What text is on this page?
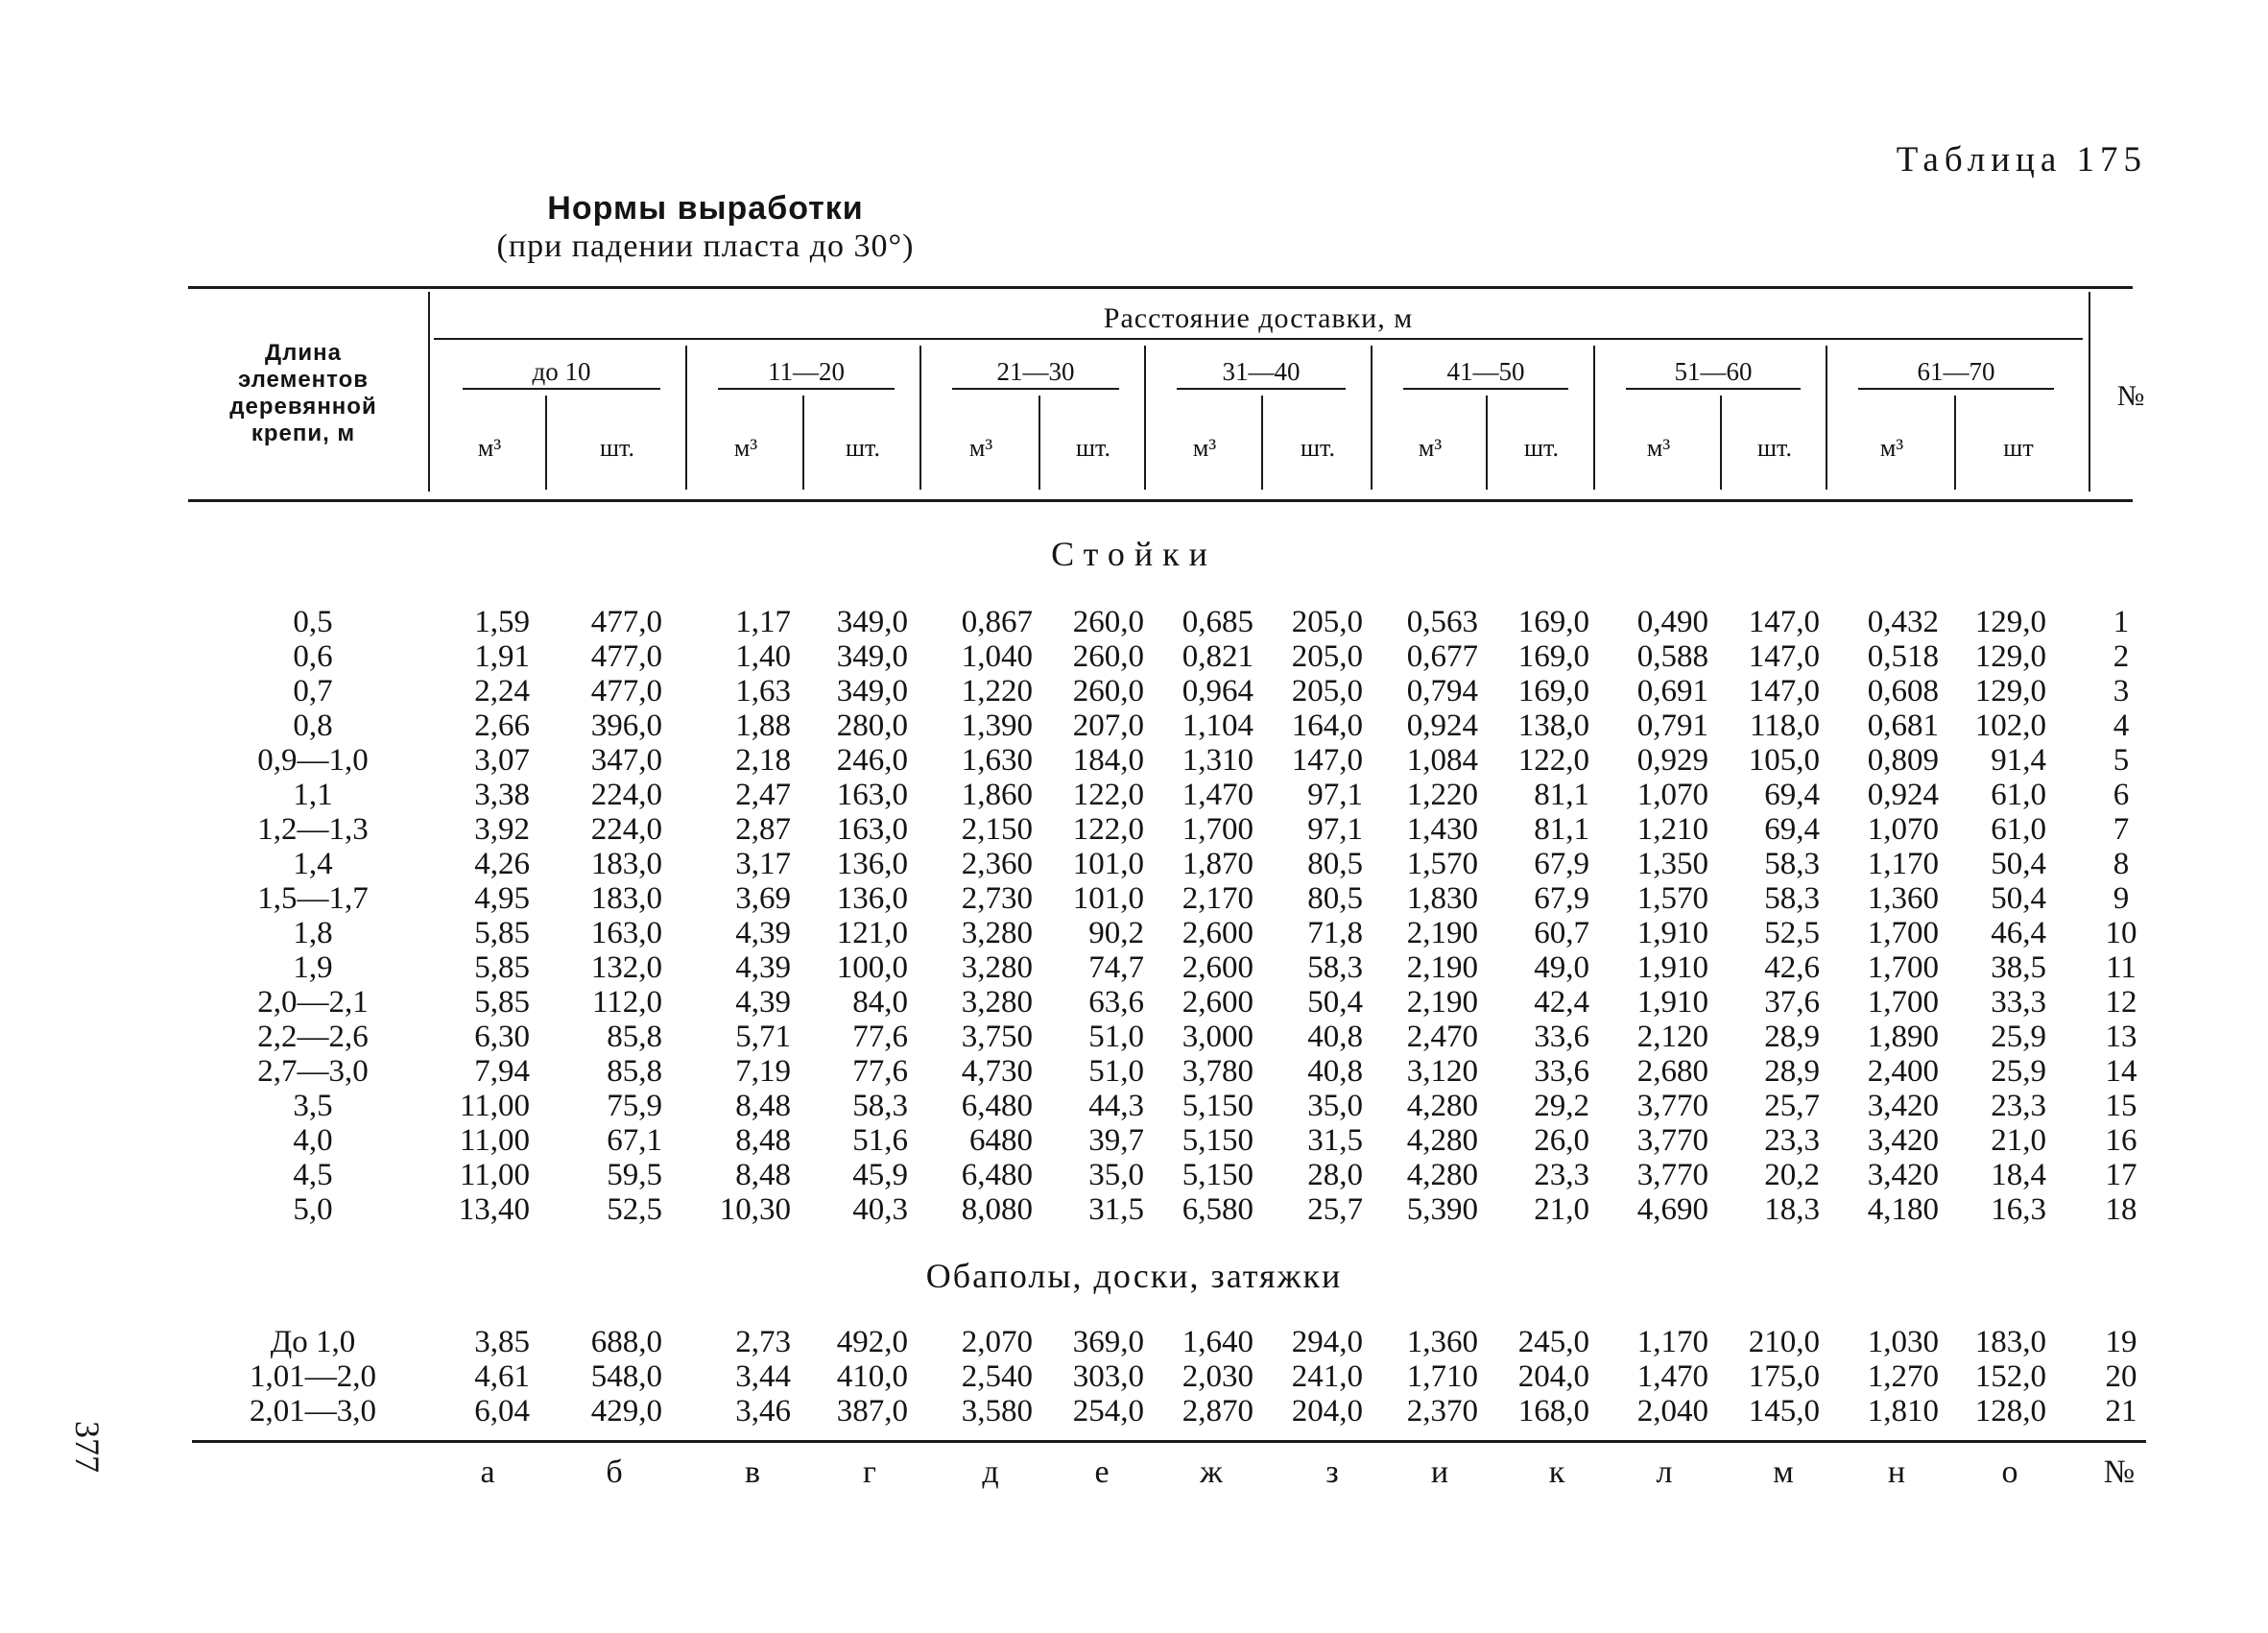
Таблица 175
Нормы выработки
(при падении пласта до 30°)
Длина
элементов
деревянной
крепи, м
Расстояние доставки, м
до 10	11—20	21—30	31—40	41—50	51—60	61—70
м³	шт.	м³	шт.	м³	шт.	м³	шт.	м³	шт.	м³	шт.	м³	шт
№
Стойки
0,5	1,59	477,0	1,17	349,0	0,867	260,0	0,685	205,0	0,563	169,0	0,490	147,0	0,432	129,0	1
0,6	1,91	477,0	1,40	349,0	1,040	260,0	0,821	205,0	0,677	169,0	0,588	147,0	0,518	129,0	2
0,7	2,24	477,0	1,63	349,0	1,220	260,0	0,964	205,0	0,794	169,0	0,691	147,0	0,608	129,0	3
0,8	2,66	396,0	1,88	280,0	1,390	207,0	1,104	164,0	0,924	138,0	0,791	118,0	0,681	102,0	4
0,9—1,0	3,07	347,0	2,18	246,0	1,630	184,0	1,310	147,0	1,084	122,0	0,929	105,0	0,809	91,4	5
1,1	3,38	224,0	2,47	163,0	1,860	122,0	1,470	97,1	1,220	81,1	1,070	69,4	0,924	61,0	6
1,2—1,3	3,92	224,0	2,87	163,0	2,150	122,0	1,700	97,1	1,430	81,1	1,210	69,4	1,070	61,0	7
1,4	4,26	183,0	3,17	136,0	2,360	101,0	1,870	80,5	1,570	67,9	1,350	58,3	1,170	50,4	8
1,5—1,7	4,95	183,0	3,69	136,0	2,730	101,0	2,170	80,5	1,830	67,9	1,570	58,3	1,360	50,4	9
1,8	5,85	163,0	4,39	121,0	3,280	90,2	2,600	71,8	2,190	60,7	1,910	52,5	1,700	46,4	10
1,9	5,85	132,0	4,39	100,0	3,280	74,7	2,600	58,3	2,190	49,0	1,910	42,6	1,700	38,5	11
2,0—2,1	5,85	112,0	4,39	84,0	3,280	63,6	2,600	50,4	2,190	42,4	1,910	37,6	1,700	33,3	12
2,2—2,6	6,30	85,8	5,71	77,6	3,750	51,0	3,000	40,8	2,470	33,6	2,120	28,9	1,890	25,9	13
2,7—3,0	7,94	85,8	7,19	77,6	4,730	51,0	3,780	40,8	3,120	33,6	2,680	28,9	2,400	25,9	14
3,5	11,00	75,9	8,48	58,3	6,480	44,3	5,150	35,0	4,280	29,2	3,770	25,7	3,420	23,3	15
4,0	11,00	67,1	8,48	51,6	6480	39,7	5,150	31,5	4,280	26,0	3,770	23,3	3,420	21,0	16
4,5	11,00	59,5	8,48	45,9	6,480	35,0	5,150	28,0	4,280	23,3	3,770	20,2	3,420	18,4	17
5,0	13,40	52,5	10,30	40,3	8,080	31,5	6,580	25,7	5,390	21,0	4,690	18,3	4,180	16,3	18
Обаполы, доски, затяжки
До 1,0	3,85	688,0	2,73	492,0	2,070	369,0	1,640	294,0	1,360	245,0	1,170	210,0	1,030	183,0	19
1,01—2,0	4,61	548,0	3,44	410,0	2,540	303,0	2,030	241,0	1,710	204,0	1,470	175,0	1,270	152,0	20
2,01—3,0	6,04	429,0	3,46	387,0	3,580	254,0	2,870	204,0	2,370	168,0	2,040	145,0	1,810	128,0	21
а	б	в	г	д	е	ж	з	и	к	л	м	н	о	№
377
